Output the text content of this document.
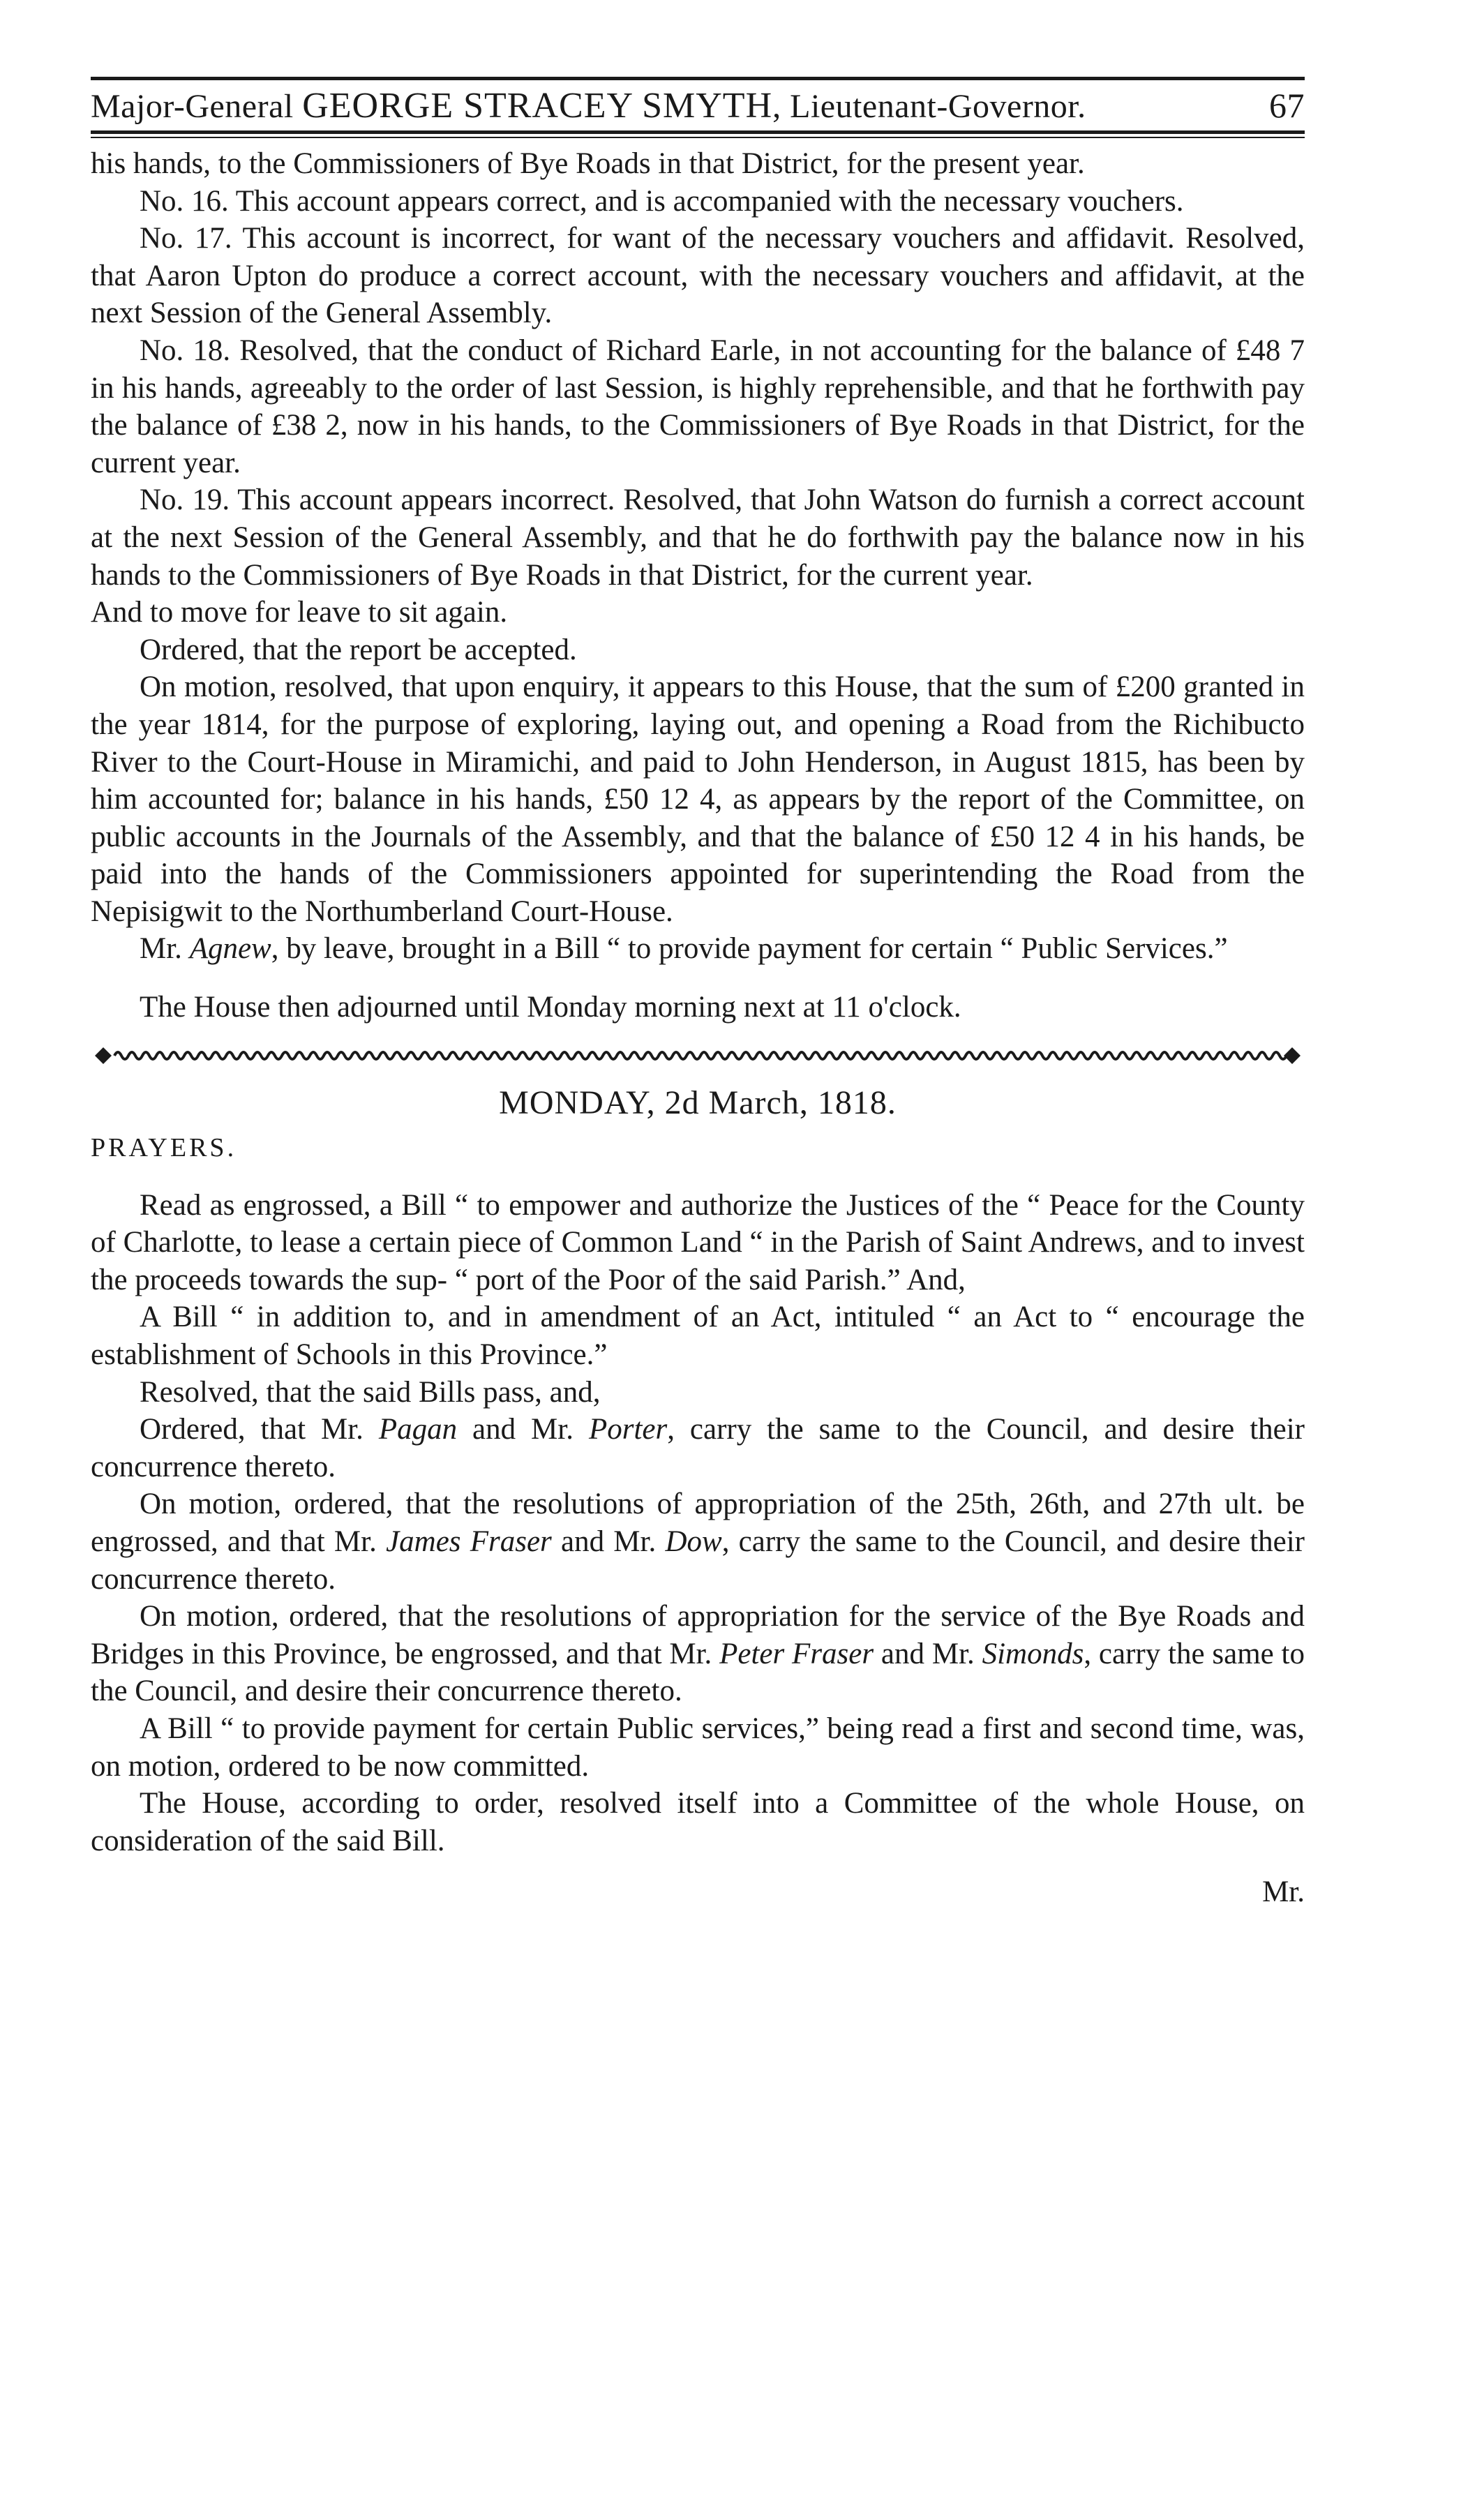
Major-General GEORGE STRACEY SMYTH, Lieutenant-Governor.	67

his hands, to the Commissioners of Bye Roads in that District, for the present year.

No. 16. This account appears correct, and is accompanied with the necessary vouchers.

No. 17. This account is incorrect, for want of the necessary vouchers and affidavit. Resolved, that Aaron Upton do produce a correct account, with the necessary vouchers and affidavit, at the next Session of the General Assembly.

No. 18. Resolved, that the conduct of Richard Earle, in not accounting for the balance of £48 7 in his hands, agreeably to the order of last Session, is highly reprehensible, and that he forthwith pay the balance of £38 2, now in his hands, to the Commissioners of Bye Roads in that District, for the current year.

No. 19. This account appears incorrect. Resolved, that John Watson do furnish a correct account at the next Session of the General Assembly, and that he do forthwith pay the balance now in his hands to the Commissioners of Bye Roads in that District, for the current year.

And to move for leave to sit again.

Ordered, that the report be accepted.

On motion, resolved, that upon enquiry, it appears to this House, that the sum of £200 granted in the year 1814, for the purpose of exploring, laying out, and opening a Road from the Richibucto River to the Court-House in Miramichi, and paid to John Henderson, in August 1815, has been by him accounted for; balance in his hands, £50 12 4, as appears by the report of the Committee, on public accounts in the Journals of the Assembly, and that the balance of £50 12 4 in his hands, be paid into the hands of the Commissioners appointed for superintending the Road from the Nepisigwit to the Northumberland Court-House.

Mr. Agnew, by leave, brought in a Bill “ to provide payment for certain “ Public Services.”

The House then adjourned until Monday morning next at 11 o'clock.

MONDAY, 2d March, 1818.
PRAYERS.

Read as engrossed, a Bill “ to empower and authorize the Justices of the “ Peace for the County of Charlotte, to lease a certain piece of Common Land “ in the Parish of Saint Andrews, and to invest the proceeds towards the sup- “ port of the Poor of the said Parish.” And,

A Bill “ in addition to, and in amendment of an Act, intituled “ an Act to “ encourage the establishment of Schools in this Province.”

Resolved, that the said Bills pass, and,

Ordered, that Mr. Pagan and Mr. Porter, carry the same to the Council, and desire their concurrence thereto.

On motion, ordered, that the resolutions of appropriation of the 25th, 26th, and 27th ult. be engrossed, and that Mr. James Fraser and Mr. Dow, carry the same to the Council, and desire their concurrence thereto.

On motion, ordered, that the resolutions of appropriation for the service of the Bye Roads and Bridges in this Province, be engrossed, and that Mr. Peter Fraser and Mr. Simonds, carry the same to the Council, and desire their concurrence thereto.

A Bill “ to provide payment for certain Public services,” being read a first and second time, was, on motion, ordered to be now committed.

The House, according to order, resolved itself into a Committee of the whole House, on consideration of the said Bill.

Mr.
